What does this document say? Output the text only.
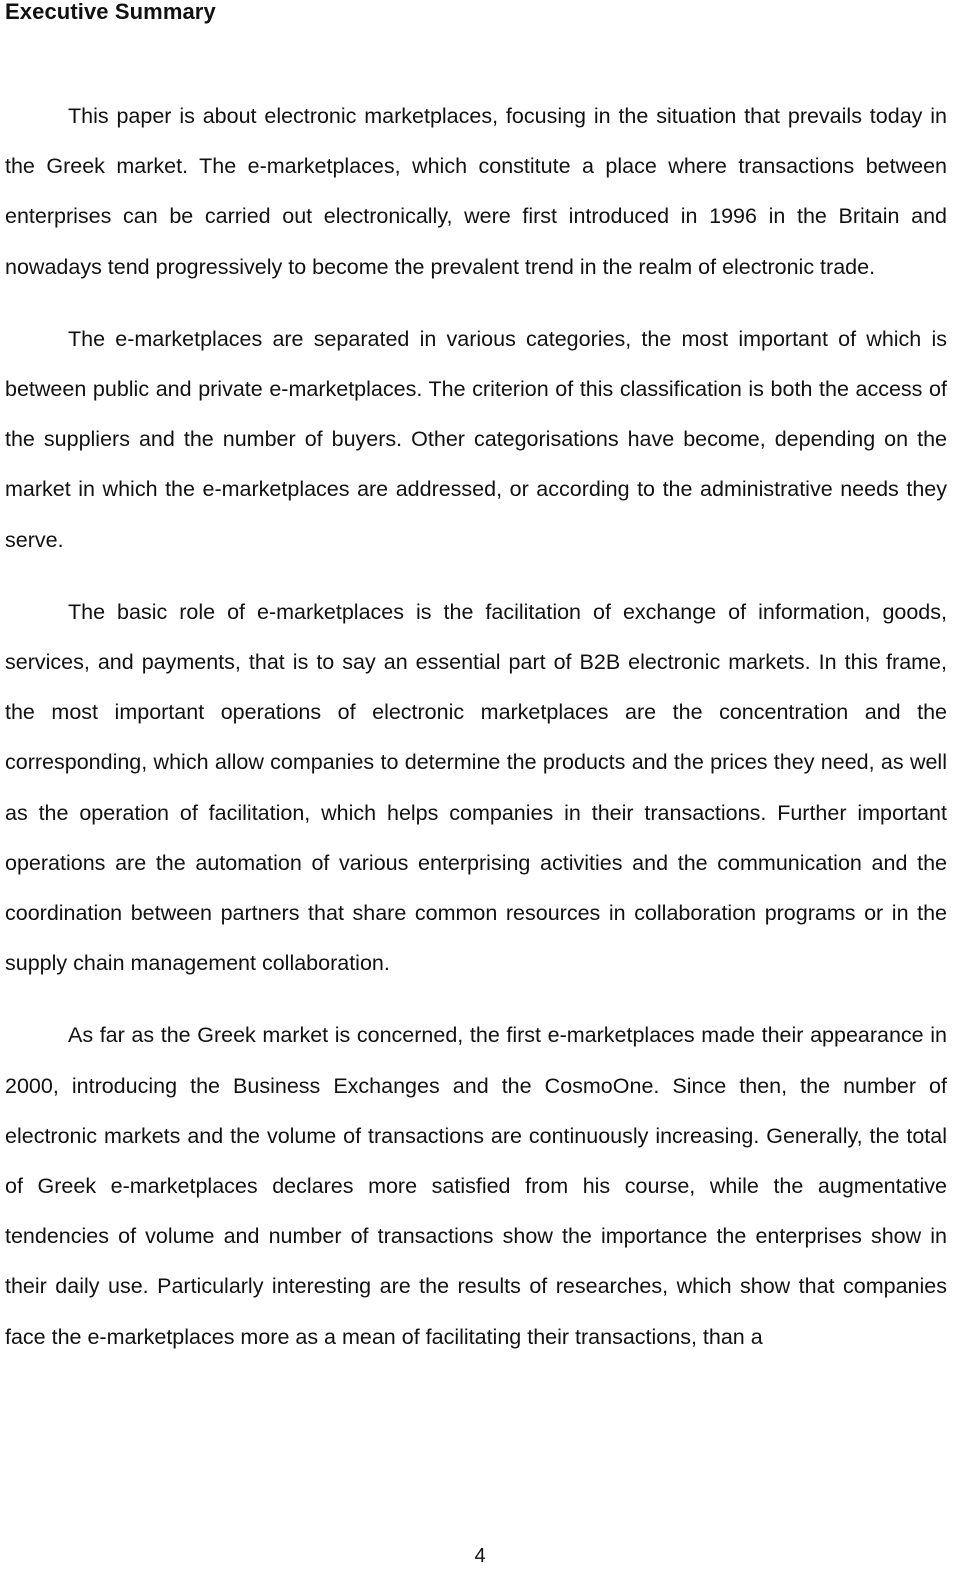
Executive Summary

This paper is about electronic marketplaces, focusing in the situation that prevails today in the Greek market. The e-marketplaces, which constitute a place where transactions between enterprises can be carried out electronically, were first introduced in 1996 in the Britain and nowadays tend progressively to become the prevalent trend in the realm of electronic trade.

The e-marketplaces are separated in various categories, the most important of which is between public and private e-marketplaces. The criterion of this classification is both the access of the suppliers and the number of buyers. Other categorisations have become, depending on the market in which the e-marketplaces are addressed, or according to the administrative needs they serve.

The basic role of e-marketplaces is the facilitation of exchange of information, goods, services, and payments, that is to say an essential part of B2B electronic markets. In this frame, the most important operations of electronic marketplaces are the concentration and the corresponding, which allow companies to determine the products and the prices they need, as well as the operation of facilitation, which helps companies in their transactions. Further important operations are the automation of various enterprising activities and the communication and the coordination between partners that share common resources in collaboration programs or in the supply chain management collaboration.

As far as the Greek market is concerned, the first e-marketplaces made their appearance in 2000, introducing the Business Exchanges and the CosmoOne. Since then, the number of electronic markets and the volume of transactions are continuously increasing. Generally, the total of Greek e-marketplaces declares more satisfied from his course, while the augmentative tendencies of volume and number of transactions show the importance the enterprises show in their daily use. Particularly interesting are the results of researches, which show that companies face the e-marketplaces more as a mean of facilitating their transactions, than a

4
